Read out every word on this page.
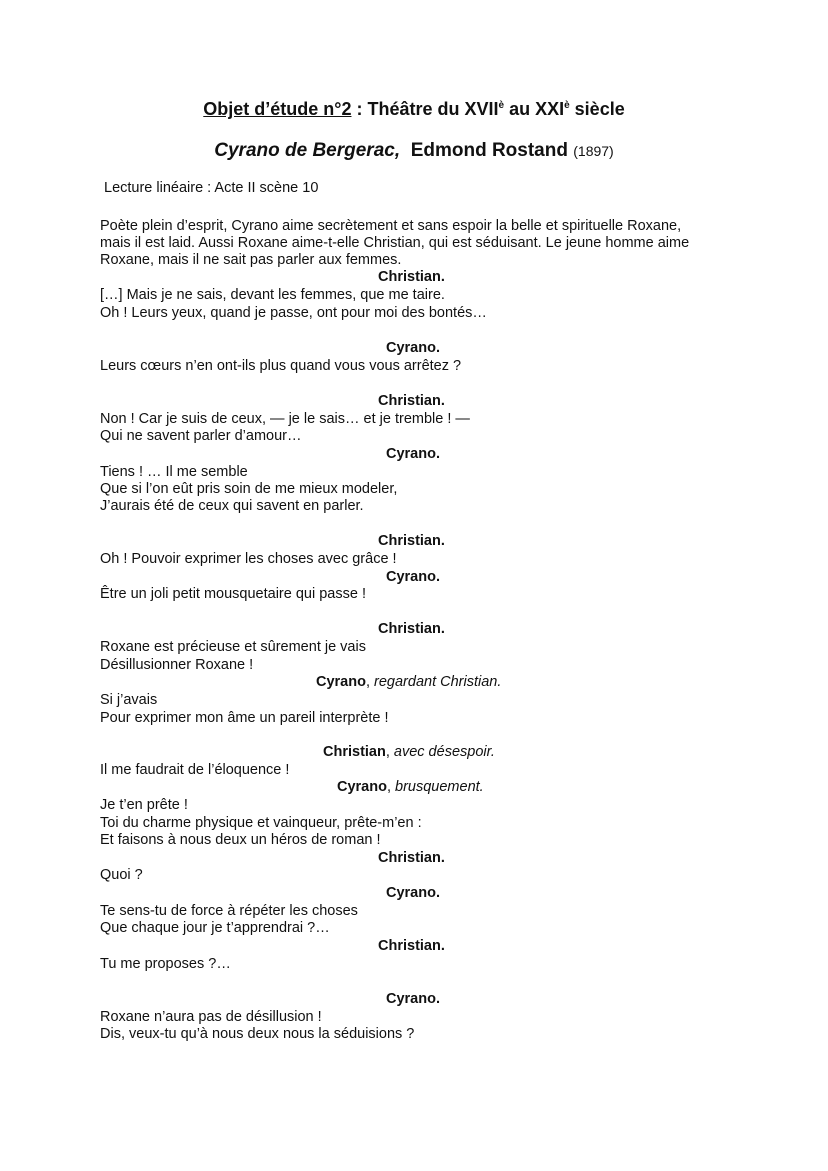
Objet d’étude n°2 : Théâtre du $XVII^è$ au $XXI^è$ siècle
Cyrano de Bergerac, Edmond Rostand (1897)
Lecture linéaire : Acte II scène 10
Poète plein d’esprit, Cyrano aime secrètement et sans espoir la belle et spirituelle Roxane,
mais il est laid. Aussi Roxane aime-t-elle Christian, qui est séduisant. Le jeune homme aime
Roxane, mais il ne sait pas parler aux femmes.
Christian.
[…] Mais je ne sais, devant les femmes, que me taire.
Oh ! Leurs yeux, quand je passe, ont pour moi des bontés…
Cyrano.
Leurs cœurs n’en ont-ils plus quand vous vous arrêtez ?
Christian.
Non ! Car je suis de ceux, — je le sais… et je tremble ! —
Qui ne savent parler d’amour…
Cyrano.
Tiens ! … Il me semble
Que si l’on eût pris soin de me mieux modeler,
J’aurais été de ceux qui savent en parler.
Christian.
Oh ! Pouvoir exprimer les choses avec grâce !
Cyrano.
Être un joli petit mousquetaire qui passe !
Christian.
Roxane est précieuse et sûrement je vais
Désillusionner Roxane !
Cyrano, regardant Christian.
Si j’avais
Pour exprimer mon âme un pareil interprète !
Christian, avec désespoir.
Il me faudrait de l’éloquence !
Cyrano, brusquement.
Je t’en prête !
Toi du charme physique et vainqueur, prête-m’en :
Et faisons à nous deux un héros de roman !
Christian.
Quoi ?
Cyrano.
Te sens-tu de force à répéter les choses
Que chaque jour je t’apprendrai ?…
Christian.
Tu me proposes ?…
Cyrano.
Roxane n’aura pas de désillusion !
Dis, veux-tu qu’à nous deux nous la séduisions ?
